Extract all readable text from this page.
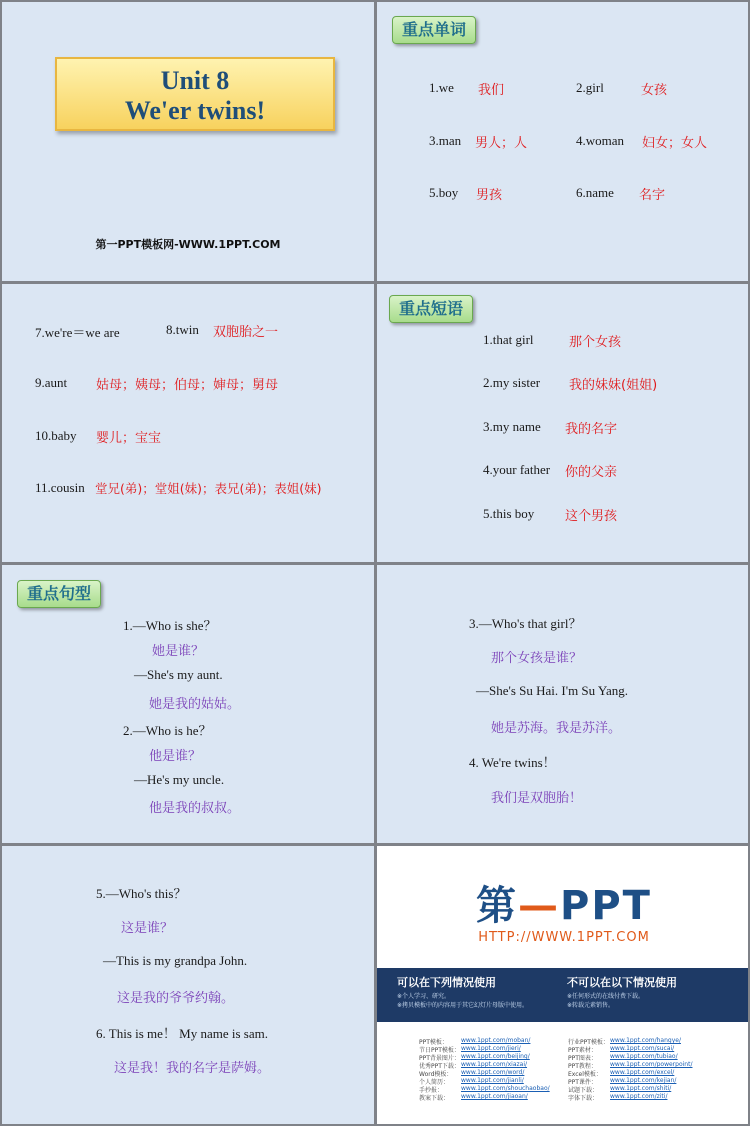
Unit 8
We'er twins!
第一PPT模板网-WWW.1PPT.COM
重点单词
1.we 我们	2.girl	女孩
3.man 男人；人	4.woman 妇女；女人
5.boy 男孩	6.name 名字
7.we're＝we are	8.twin 双胞胎之一
9.aunt 姑母；姨母；伯母；婶母；舅母
10.baby 婴儿；宝宝
11.cousin 堂兄(弟)；堂姐(妹)；表兄(弟)；表姐(妹)
重点短语
1.that girl	那个女孩
2.my sister 我的妹妹(姐姐)
3.my name 我的名字
4.your father 你的父亲
5.this boy 这个男孩
重点句型
1.—Who is she？
她是谁？
—She's my aunt.
她是我的姑姑。
2.—Who is he？
他是谁？
—He's my uncle.
他是我的叔叔。
3.—Who's that girl？
那个女孩是谁？
—She's Su Hai. I'm Su Yang.
她是苏海。我是苏洋。
4. We're twins！
我们是双胞胎！
5.—Who's this？
这是谁？
—This is my grandpa John.
这是我的爷爷约翰。
6. This is me！ My name is sam.
这是我！我的名字是萨姆。
第—PPT
HTTP://WWW.1PPT.COM
可以在下列情况使用
※个人学习、研究。
※拷贝模板中的内容用于其它幻灯片母版中使用。
不可以在以下情况使用
※任何形式的在线付费下载。
※转载元素销售。
PPT模板： www.1ppt.com/moban/
节日PPT模板： www.1ppt.com/jieri/
PPT背景图片： www.1ppt.com/beijing/
优秀PPT下载： www.1ppt.com/xiazai/
Word模板： www.1ppt.com/word/
个人简历： www.1ppt.com/jianli/
手抄报：	www.1ppt.com/shouchaobao/
教案下载： www.1ppt.com/jiaoan/
行业PPT模板： www.1ppt.com/hangye/
PPT素材： www.1ppt.com/sucai/
PPT图表： www.1ppt.com/tubiao/
PPT教程： www.1ppt.com/powerpoint/
Excel模板： www.1ppt.com/excel/
PPT课件： www.1ppt.com/kejian/
试题下载： www.1ppt.com/shiti/
字体下载： www.1ppt.com/ziti/
